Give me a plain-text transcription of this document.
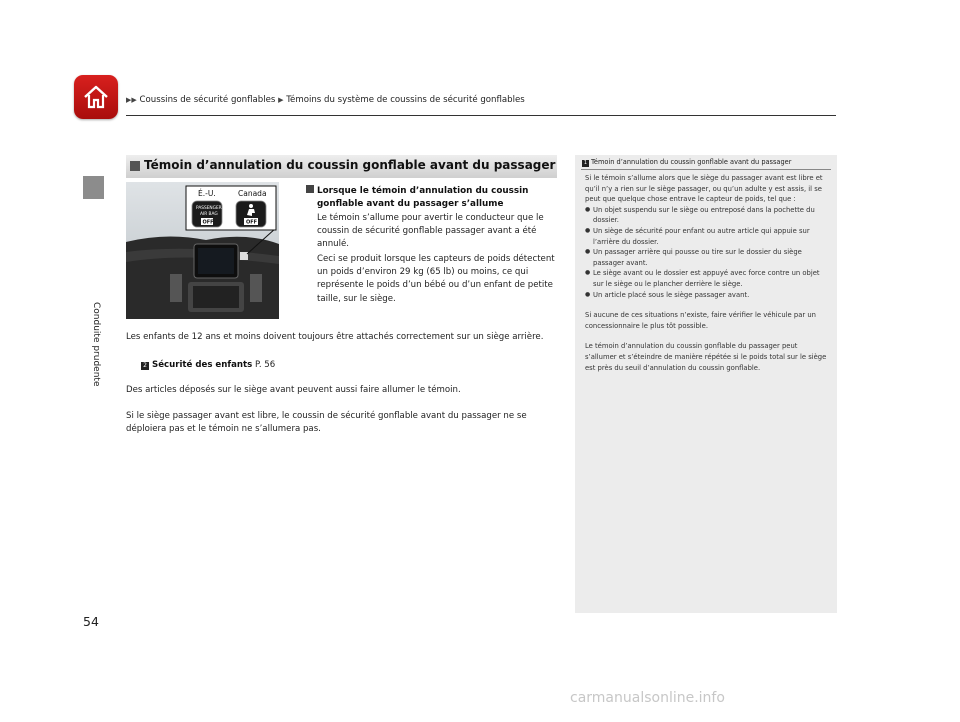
▶▶ Coussins de sécurité gonflables ▶ Témoins du système de coussins de sécurité gonflables
Conduite prudente
Témoin d’annulation du coussin gonflable avant du passager
É.-U.	Canada
PASSENGER
AIR BAG
OFF	OFF
Lorsque le témoin d’annulation du coussin gonflable avant du passager s’allume
Le témoin s’allume pour avertir le conducteur que le coussin de sécurité gonflable passager avant a été annulé.
Ceci se produit lorsque les capteurs de poids détectent un poids d’environ 29 kg (65 lb) ou moins, ce qui représente le poids d’un bébé ou d’un enfant de petite taille, sur le siège.
Les enfants de 12 ans et moins doivent toujours être attachés correctement sur un siège arrière.
2 Sécurité des enfants P. 56
Des articles déposés sur le siège avant peuvent aussi faire allumer le témoin.
Si le siège passager avant est libre, le coussin de sécurité gonflable avant du passager ne se déploiera pas et le témoin ne s’allumera pas.
1 Témoin d’annulation du coussin gonflable avant du passager
Si le témoin s’allume alors que le siège du passager avant est libre et qu’il n’y a rien sur le siège passager, ou qu’un adulte y est assis, il se peut que quelque chose entrave le capteur de poids, tel que :
● Un objet suspendu sur le siège ou entreposé dans la pochette du dossier.
● Un siège de sécurité pour enfant ou autre article qui appuie sur l’arrière du dossier.
● Un passager arrière qui pousse ou tire sur le dossier du siège passager avant.
● Le siège avant ou le dossier est appuyé avec force contre un objet sur le siège ou le plancher derrière le siège.
● Un article placé sous le siège passager avant.
Si aucune de ces situations n’existe, faire vérifier le véhicule par un concessionnaire le plus tôt possible.
Le témoin d’annulation du coussin gonflable du passager peut s’allumer et s’éteindre de manière répétée si le poids total sur le siège est près du seuil d’annulation du coussin gonflable.
54
carmanualsonline.info
